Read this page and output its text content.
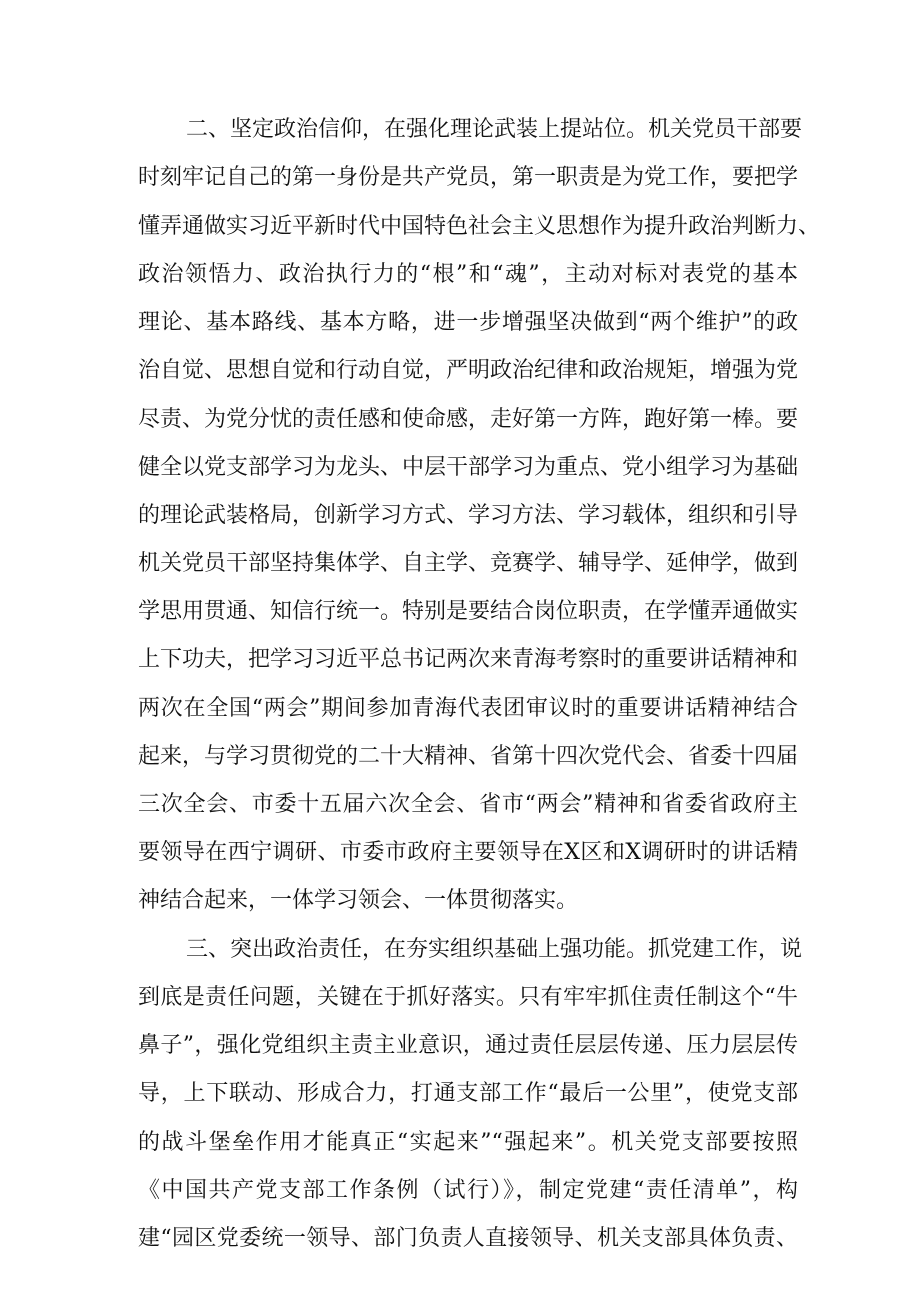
二、坚定政治信仰，在强化理论武装上提站位。机关党员干部要
时刻牢记自己的第一身份是共产党员，第一职责是为党工作，要把学
懂弄通做实习近平新时代中国特色社会主义思想作为提升政治判断力、
政治领悟力、政治执行力的“根”和“魂”，主动对标对表党的基本
理论、基本路线、基本方略，进一步增强坚决做到“两个维护”的政
治自觉、思想自觉和行动自觉，严明政治纪律和政治规矩，增强为党
尽责、为党分忧的责任感和使命感，走好第一方阵，跑好第一棒。要
健全以党支部学习为龙头、中层干部学习为重点、党小组学习为基础
的理论武装格局，创新学习方式、学习方法、学习载体，组织和引导
机关党员干部坚持集体学、自主学、竞赛学、辅导学、延伸学，做到
学思用贯通、知信行统一。特别是要结合岗位职责，在学懂弄通做实
上下功夫，把学习习近平总书记两次来青海考察时的重要讲话精神和
两次在全国“两会”期间参加青海代表团审议时的重要讲话精神结合
起来，与学习贯彻党的二十大精神、省第十四次党代会、省委十四届
三次全会、市委十五届六次全会、省市“两会”精神和省委省政府主
要领导在西宁调研、市委市政府主要领导在X区和X调研时的讲话精
神结合起来，一体学习领会、一体贯彻落实。
三、突出政治责任，在夯实组织基础上强功能。抓党建工作，说
到底是责任问题，关键在于抓好落实。只有牢牢抓住责任制这个“牛
鼻子”，强化党组织主责主业意识，通过责任层层传递、压力层层传
导，上下联动、形成合力，打通支部工作“最后一公里”，使党支部
的战斗堡垒作用才能真正“实起来”“强起来”。机关党支部要按照
《中国共产党支部工作条例（试行）》，制定党建“责任清单”，构
建“园区党委统一领导、部门负责人直接领导、机关支部具体负责、
